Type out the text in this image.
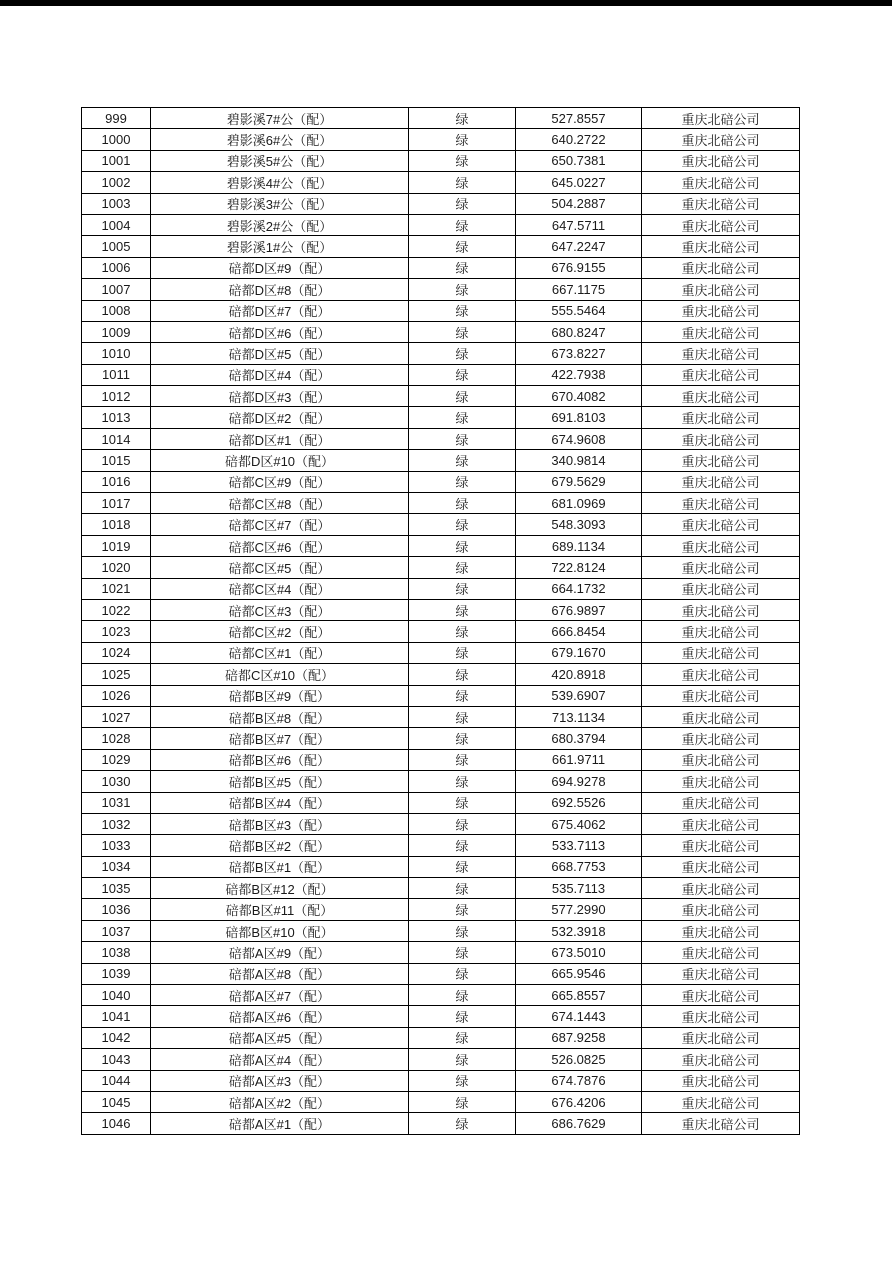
999	碧影溪7#公（配）	绿	527.8557	重庆北碚公司
1000	碧影溪6#公（配）	绿	640.2722	重庆北碚公司
1001	碧影溪5#公（配）	绿	650.7381	重庆北碚公司
1002	碧影溪4#公（配）	绿	645.0227	重庆北碚公司
1003	碧影溪3#公（配）	绿	504.2887	重庆北碚公司
1004	碧影溪2#公（配）	绿	647.5711	重庆北碚公司
1005	碧影溪1#公（配）	绿	647.2247	重庆北碚公司
1006	碚都D区#9（配）	绿	676.9155	重庆北碚公司
1007	碚都D区#8（配）	绿	667.1175	重庆北碚公司
1008	碚都D区#7（配）	绿	555.5464	重庆北碚公司
1009	碚都D区#6（配）	绿	680.8247	重庆北碚公司
1010	碚都D区#5（配）	绿	673.8227	重庆北碚公司
1011	碚都D区#4（配）	绿	422.7938	重庆北碚公司
1012	碚都D区#3（配）	绿	670.4082	重庆北碚公司
1013	碚都D区#2（配）	绿	691.8103	重庆北碚公司
1014	碚都D区#1（配）	绿	674.9608	重庆北碚公司
1015	碚都D区#10（配）	绿	340.9814	重庆北碚公司
1016	碚都C区#9（配）	绿	679.5629	重庆北碚公司
1017	碚都C区#8（配）	绿	681.0969	重庆北碚公司
1018	碚都C区#7（配）	绿	548.3093	重庆北碚公司
1019	碚都C区#6（配）	绿	689.1134	重庆北碚公司
1020	碚都C区#5（配）	绿	722.8124	重庆北碚公司
1021	碚都C区#4（配）	绿	664.1732	重庆北碚公司
1022	碚都C区#3（配）	绿	676.9897	重庆北碚公司
1023	碚都C区#2（配）	绿	666.8454	重庆北碚公司
1024	碚都C区#1（配）	绿	679.1670	重庆北碚公司
1025	碚都C区#10（配）	绿	420.8918	重庆北碚公司
1026	碚都B区#9（配）	绿	539.6907	重庆北碚公司
1027	碚都B区#8（配）	绿	713.1134	重庆北碚公司
1028	碚都B区#7（配）	绿	680.3794	重庆北碚公司
1029	碚都B区#6（配）	绿	661.9711	重庆北碚公司
1030	碚都B区#5（配）	绿	694.9278	重庆北碚公司
1031	碚都B区#4（配）	绿	692.5526	重庆北碚公司
1032	碚都B区#3（配）	绿	675.4062	重庆北碚公司
1033	碚都B区#2（配）	绿	533.7113	重庆北碚公司
1034	碚都B区#1（配）	绿	668.7753	重庆北碚公司
1035	碚都B区#12（配）	绿	535.7113	重庆北碚公司
1036	碚都B区#11（配）	绿	577.2990	重庆北碚公司
1037	碚都B区#10（配）	绿	532.3918	重庆北碚公司
1038	碚都A区#9（配）	绿	673.5010	重庆北碚公司
1039	碚都A区#8（配）	绿	665.9546	重庆北碚公司
1040	碚都A区#7（配）	绿	665.8557	重庆北碚公司
1041	碚都A区#6（配）	绿	674.1443	重庆北碚公司
1042	碚都A区#5（配）	绿	687.9258	重庆北碚公司
1043	碚都A区#4（配）	绿	526.0825	重庆北碚公司
1044	碚都A区#3（配）	绿	674.7876	重庆北碚公司
1045	碚都A区#2（配）	绿	676.4206	重庆北碚公司
1046	碚都A区#1（配）	绿	686.7629	重庆北碚公司
